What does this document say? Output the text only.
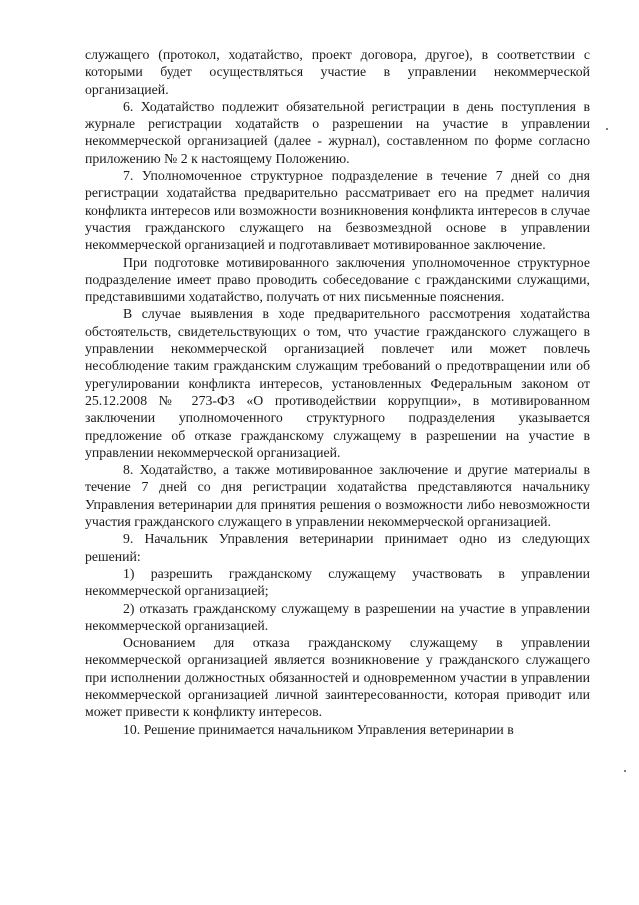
служащего (протокол, ходатайство, проект договора, другое), в соответствии с которыми будет осуществляться участие в управлении некоммерческой организацией.

6. Ходатайство подлежит обязательной регистрации в день поступления в журнале регистрации ходатайств о разрешении на участие в управлении некоммерческой организацией (далее - журнал), составленном по форме согласно приложению № 2 к настоящему Положению.

7. Уполномоченное структурное подразделение в течение 7 дней со дня регистрации ходатайства предварительно рассматривает его на предмет наличия конфликта интересов или возможности возникновения конфликта интересов в случае участия гражданского служащего на безвозмездной основе в управлении некоммерческой организацией и подготавливает мотивированное заключение.

При подготовке мотивированного заключения уполномоченное структурное подразделение имеет право проводить собеседование с гражданскими служащими, представившими ходатайство, получать от них письменные пояснения.

В случае выявления в ходе предварительного рассмотрения ходатайства обстоятельств, свидетельствующих о том, что участие гражданского служащего в управлении некоммерческой организацией повлечет или может повлечь несоблюдение таким гражданским служащим требований о предотвращении или об урегулировании конфликта интересов, установленных Федеральным законом от 25.12.2008 № 273-ФЗ «О противодействии коррупции», в мотивированном заключении уполномоченного структурного подразделения указывается предложение об отказе гражданскому служащему в разрешении на участие в управлении некоммерческой организацией.

8. Ходатайство, а также мотивированное заключение и другие материалы в течение 7 дней со дня регистрации ходатайства представляются начальнику Управления ветеринарии для принятия решения о возможности либо невозможности участия гражданского служащего в управлении некоммерческой организацией.

9. Начальник Управления ветеринарии принимает одно из следующих решений:

1) разрешить гражданскому служащему участвовать в управлении некоммерческой организацией;

2) отказать гражданскому служащему в разрешении на участие в управлении некоммерческой организацией.

Основанием для отказа гражданскому служащему в управлении некоммерческой организацией является возникновение у гражданского служащего при исполнении должностных обязанностей и одновременном участии в управлении некоммерческой организацией личной заинтересованности, которая приводит или может привести к конфликту интересов.

10. Решение принимается начальником Управления ветеринарии в
